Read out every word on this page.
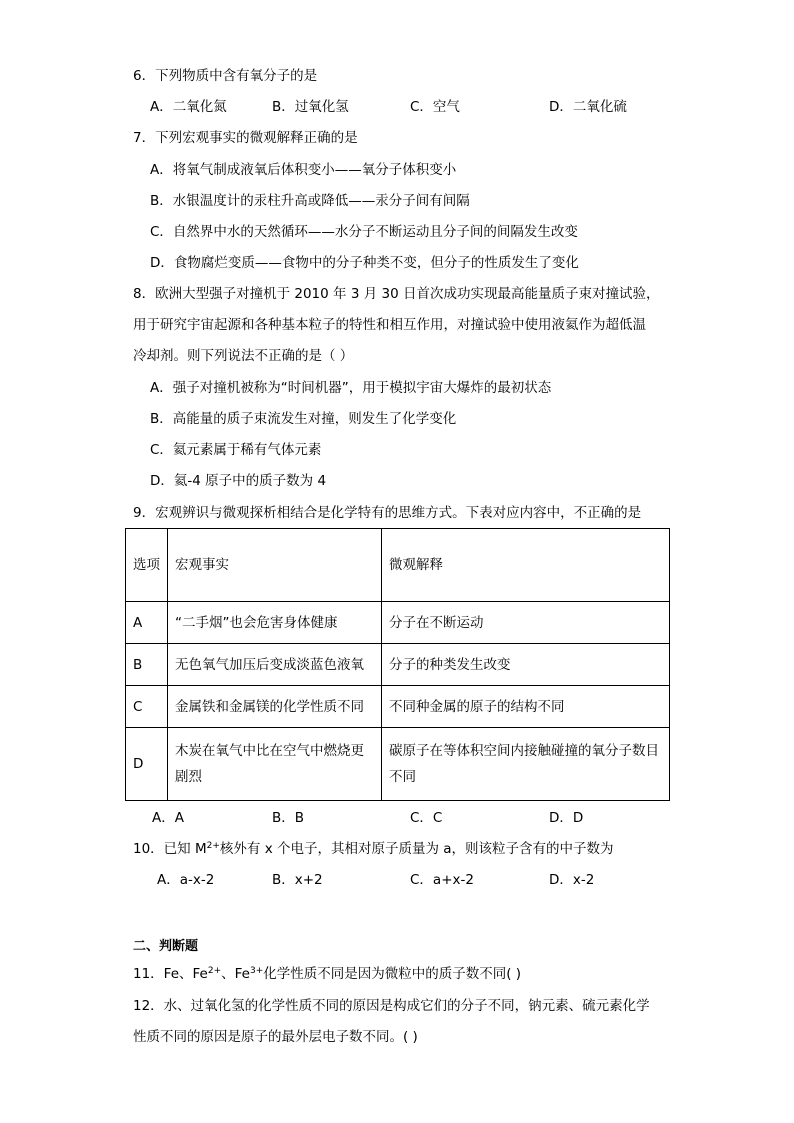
6．下列物质中含有氧分子的是
A．二氧化氮	B．过氧化氢	C．空气	D．二氧化硫
7．下列宏观事实的微观解释正确的是
A．将氧气制成液氧后体积变小——氧分子体积变小
B．水银温度计的汞柱升高或降低——汞分子间有间隔
C．自然界中水的天然循环——水分子不断运动且分子间的间隔发生改变
D．食物腐烂变质——食物中的分子种类不变，但分子的性质发生了变化
8．欧洲大型强子对撞机于 2010 年 3 月 30 日首次成功实现最高能量质子束对撞试验，
用于研究宇宙起源和各种基本粒子的特性和相互作用，对撞试验中使用液氦作为超低温
冷却剂。则下列说法不正确的是（ ）
A．强子对撞机被称为“时间机器”，用于模拟宇宙大爆炸的最初状态
B．高能量的质子束流发生对撞，则发生了化学变化
C．氦元素属于稀有气体元素
D．氦-4 原子中的质子数为 4
9．宏观辨识与微观探析相结合是化学特有的思维方式。下表对应内容中，不正确的是
选项	宏观事实	微观解释
A	“二手烟”也会危害身体健康	分子在不断运动
B	无色氧气加压后变成淡蓝色液氧	分子的种类发生改变
C	金属铁和金属镁的化学性质不同	不同种金属的原子的结构不同
D	木炭在氧气中比在空气中燃烧更剧烈	碳原子在等体积空间内接触碰撞的氧分子数目不同
A．A	B．B	C．C	D．D
10．已知 $M^{2+}$核外有 x 个电子，其相对原子质量为 a，则该粒子含有的中子数为
A．a-x-2	B．x+2	C．a+x-2	D．x-2
二、判断题
11．Fe、$Fe^{2+}$、$Fe^{3+}$化学性质不同是因为微粒中的质子数不同( )
12．水、过氧化氢的化学性质不同的原因是构成它们的分子不同，钠元素、硫元素化学
性质不同的原因是原子的最外层电子数不同。( )
